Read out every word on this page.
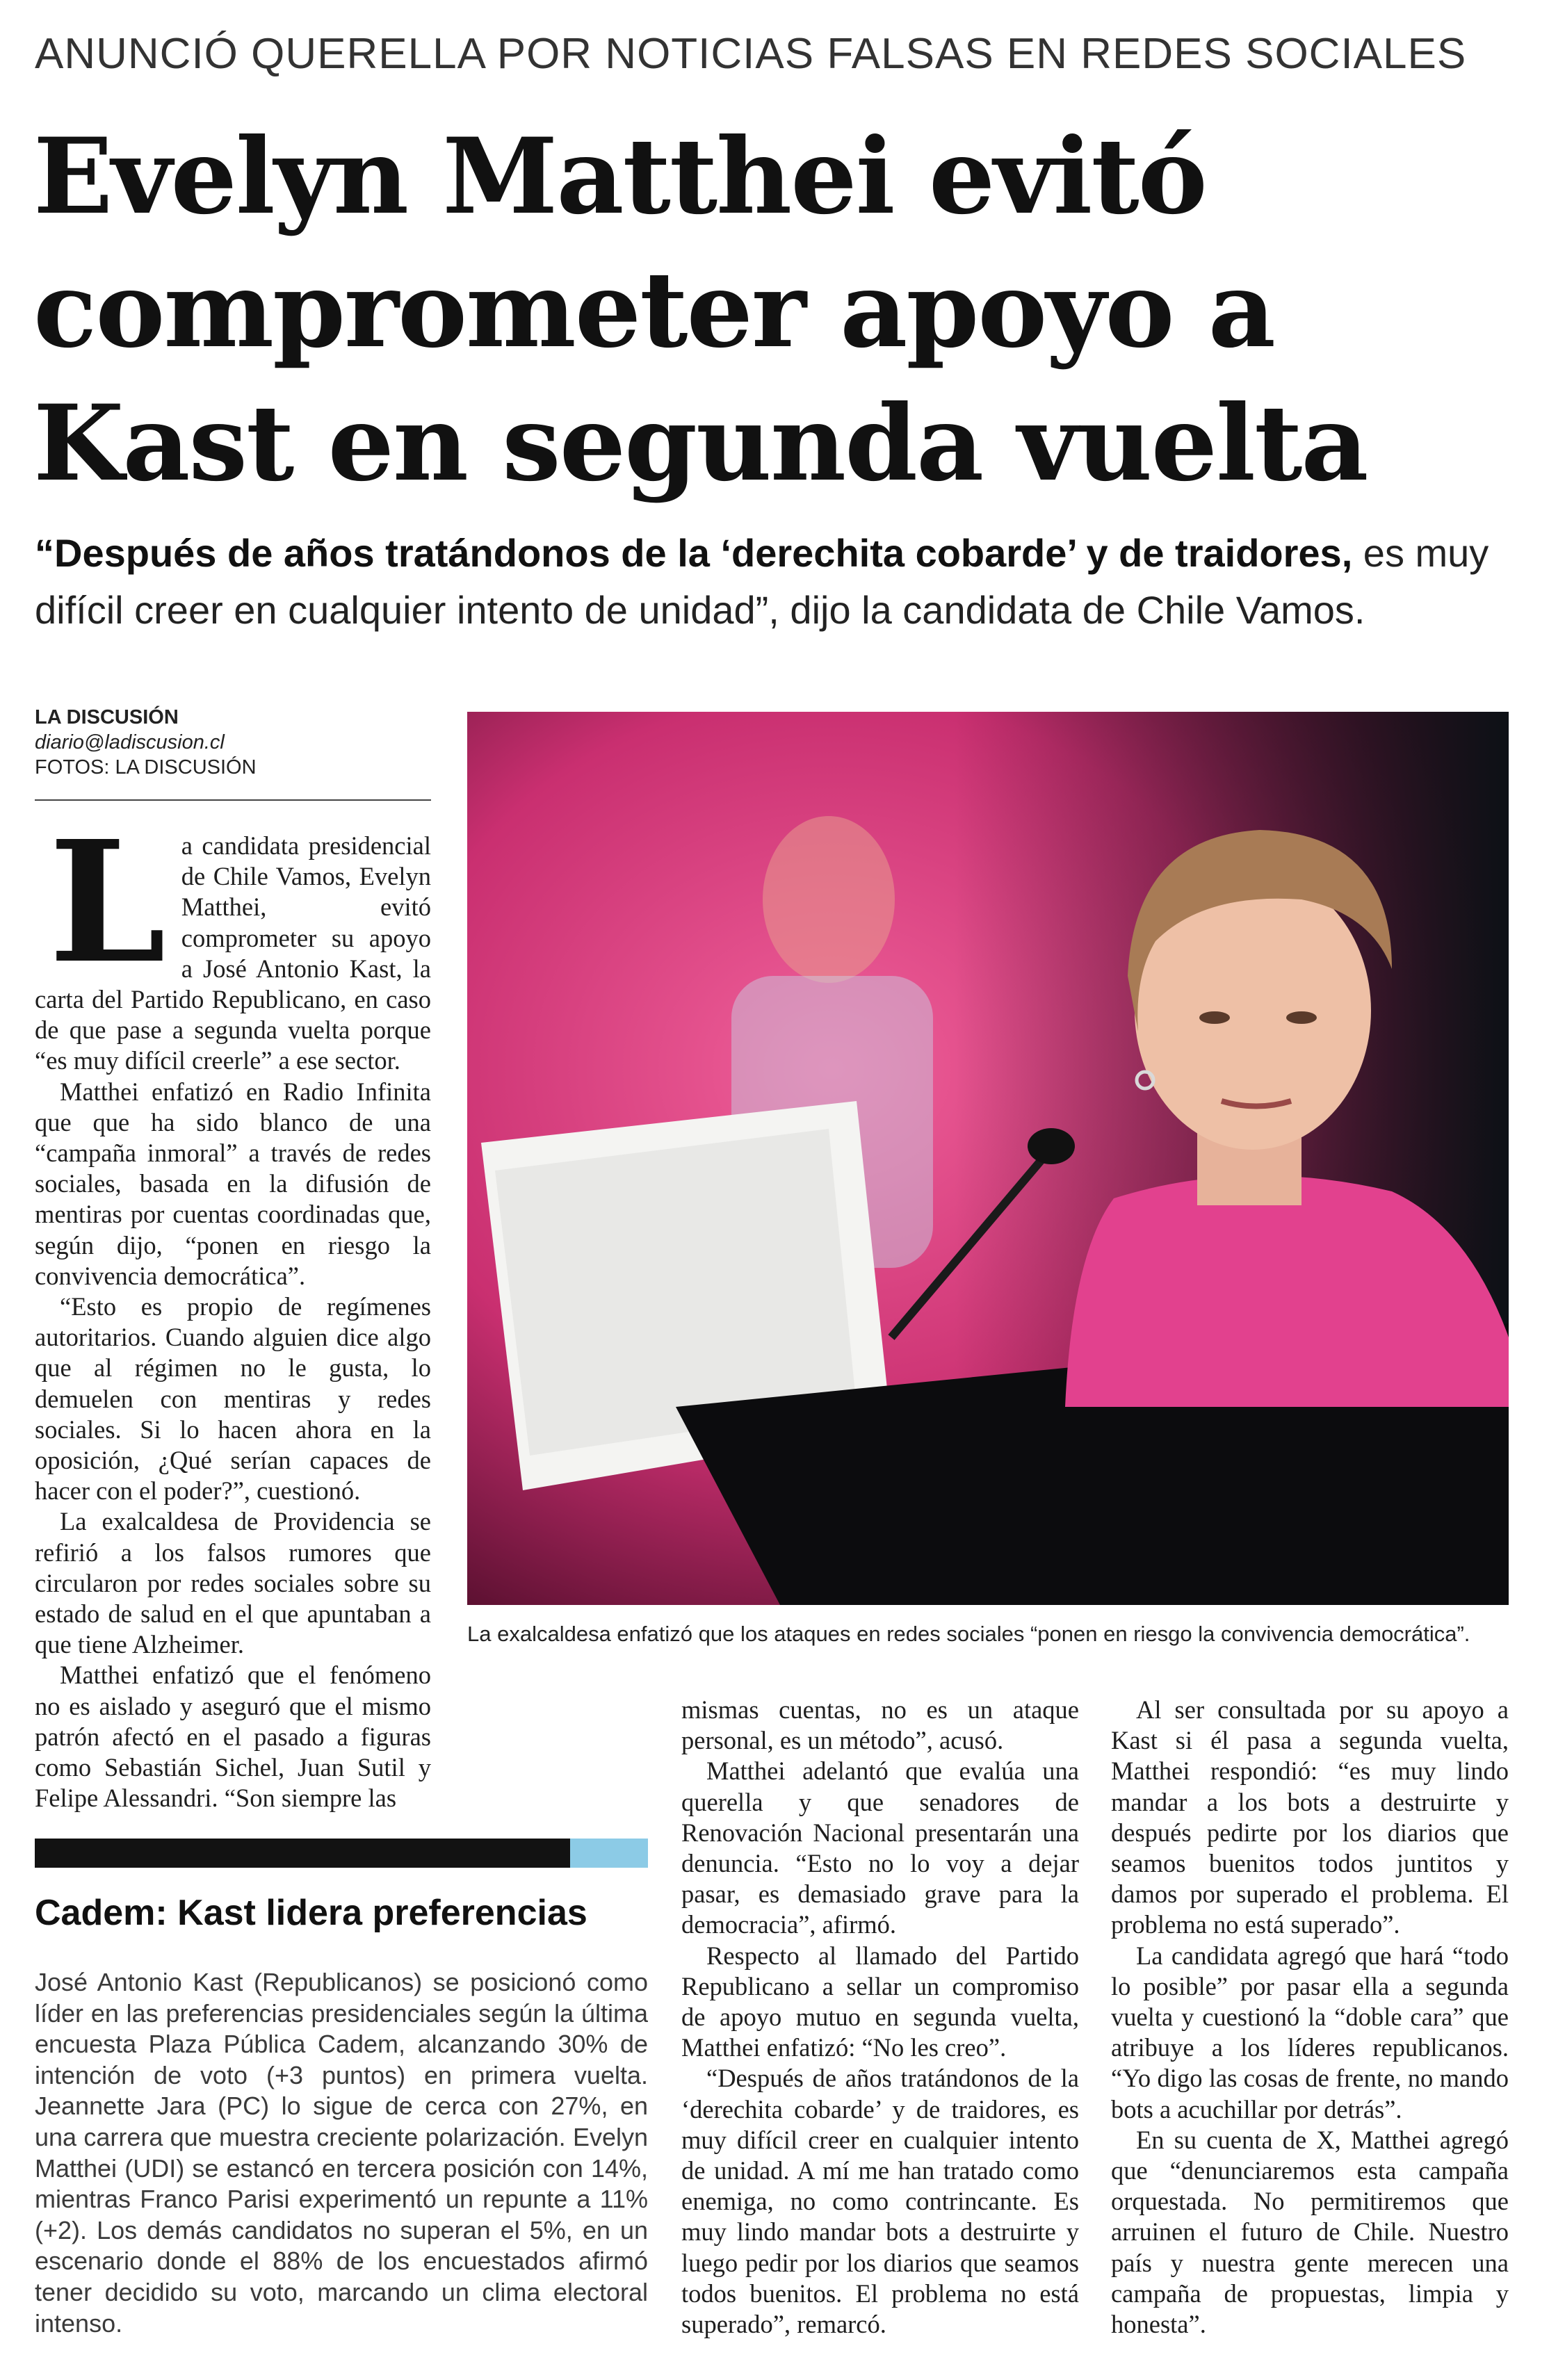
ANUNCIÓ QUERELLA POR NOTICIAS FALSAS EN REDES SOCIALES
Evelyn Matthei evitó
comprometer apoyo a
Kast en segunda vuelta
“Después de años tratándonos de la ‘derechita cobarde’ y de traidores, es muy difícil creer en cualquier intento de unidad”, dijo la candidata de Chile Vamos.
LA DISCUSIÓN
diario@ladiscusion.cl
FOTOS: LA DISCUSIÓN
La exalcaldesa enfatizó que los ataques en redes sociales “ponen en riesgo la convivencia democrática”.
L a candidata presidencial de Chile Vamos, Evelyn Matthei, evitó comprometer su apoyo a José Antonio Kast, la carta del Partido Republicano, en caso de que pase a segunda vuelta porque “es muy difícil creerle” a ese sector.

Matthei enfatizó en Radio Infinita que que ha sido blanco de una “campaña inmoral” a través de redes sociales, basada en la difusión de mentiras por cuentas coordinadas que, según dijo, “ponen en riesgo la convivencia democrática”.

“Esto es propio de regímenes autoritarios. Cuando alguien dice algo que al régimen no le gusta, lo demuelen con mentiras y redes sociales. Si lo hacen ahora en la oposición, ¿Qué serían capaces de hacer con el poder?”, cuestionó.

La exalcaldesa de Providencia se refirió a los falsos rumores que circularon por redes sociales sobre su estado de salud en el que apuntaban a que tiene Alzheimer.

Matthei enfatizó que el fenómeno no es aislado y aseguró que el mismo patrón afectó en el pasado a figuras como Sebastián Sichel, Juan Sutil y Felipe Alessandri. “Son siempre las

mismas cuentas, no es un ataque personal, es un método”, acusó.

Matthei adelantó que evalúa una querella y que senadores de Renovación Nacional presentarán una denuncia. “Esto no lo voy a dejar pasar, es demasiado grave para la democracia”, afirmó.

Respecto al llamado del Partido Republicano a sellar un compromiso de apoyo mutuo en segunda vuelta, Matthei enfatizó: “No les creo”.

“Después de años tratándonos de la ‘derechita cobarde’ y de traidores, es muy difícil creer en cualquier intento de unidad. A mí me han tratado como enemiga, no como contrincante. Es muy lindo mandar bots a destruirte y luego pedir por los diarios que seamos todos buenitos. El problema no está superado”, remarcó.

Al ser consultada por su apoyo a Kast si él pasa a segunda vuelta, Matthei respondió: “es muy lindo mandar a los bots a destruirte y después pedirte por los diarios que seamos buenitos todos juntitos y damos por superado el problema. El problema no está superado”.

La candidata agregó que hará “todo lo posible” por pasar ella a segunda vuelta y cuestionó la “doble cara” que atribuye a los líderes republicanos. “Yo digo las cosas de frente, no mando bots a acuchillar por detrás”.

En su cuenta de X, Matthei agregó que “denunciaremos esta campaña orquestada. No permitiremos que arruinen el futuro de Chile. Nuestro país y nuestra gente merecen una campaña de propuestas, limpia y honesta”.

Cadem: Kast lidera preferencias
José Antonio Kast (Republicanos) se posicionó como líder en las preferencias presidenciales según la última encuesta Plaza Pública Cadem, alcanzando 30% de intención de voto (+3 puntos) en primera vuelta. Jeannette Jara (PC) lo sigue de cerca con 27%, en una carrera que muestra creciente polarización. Evelyn Matthei (UDI) se estancó en tercera posición con 14%, mientras Franco Parisi experimentó un repunte a 11% (+2). Los demás candidatos no superan el 5%, en un escenario donde el 88% de los encuestados afirmó tener decidido su voto, marcando un clima electoral intenso.
